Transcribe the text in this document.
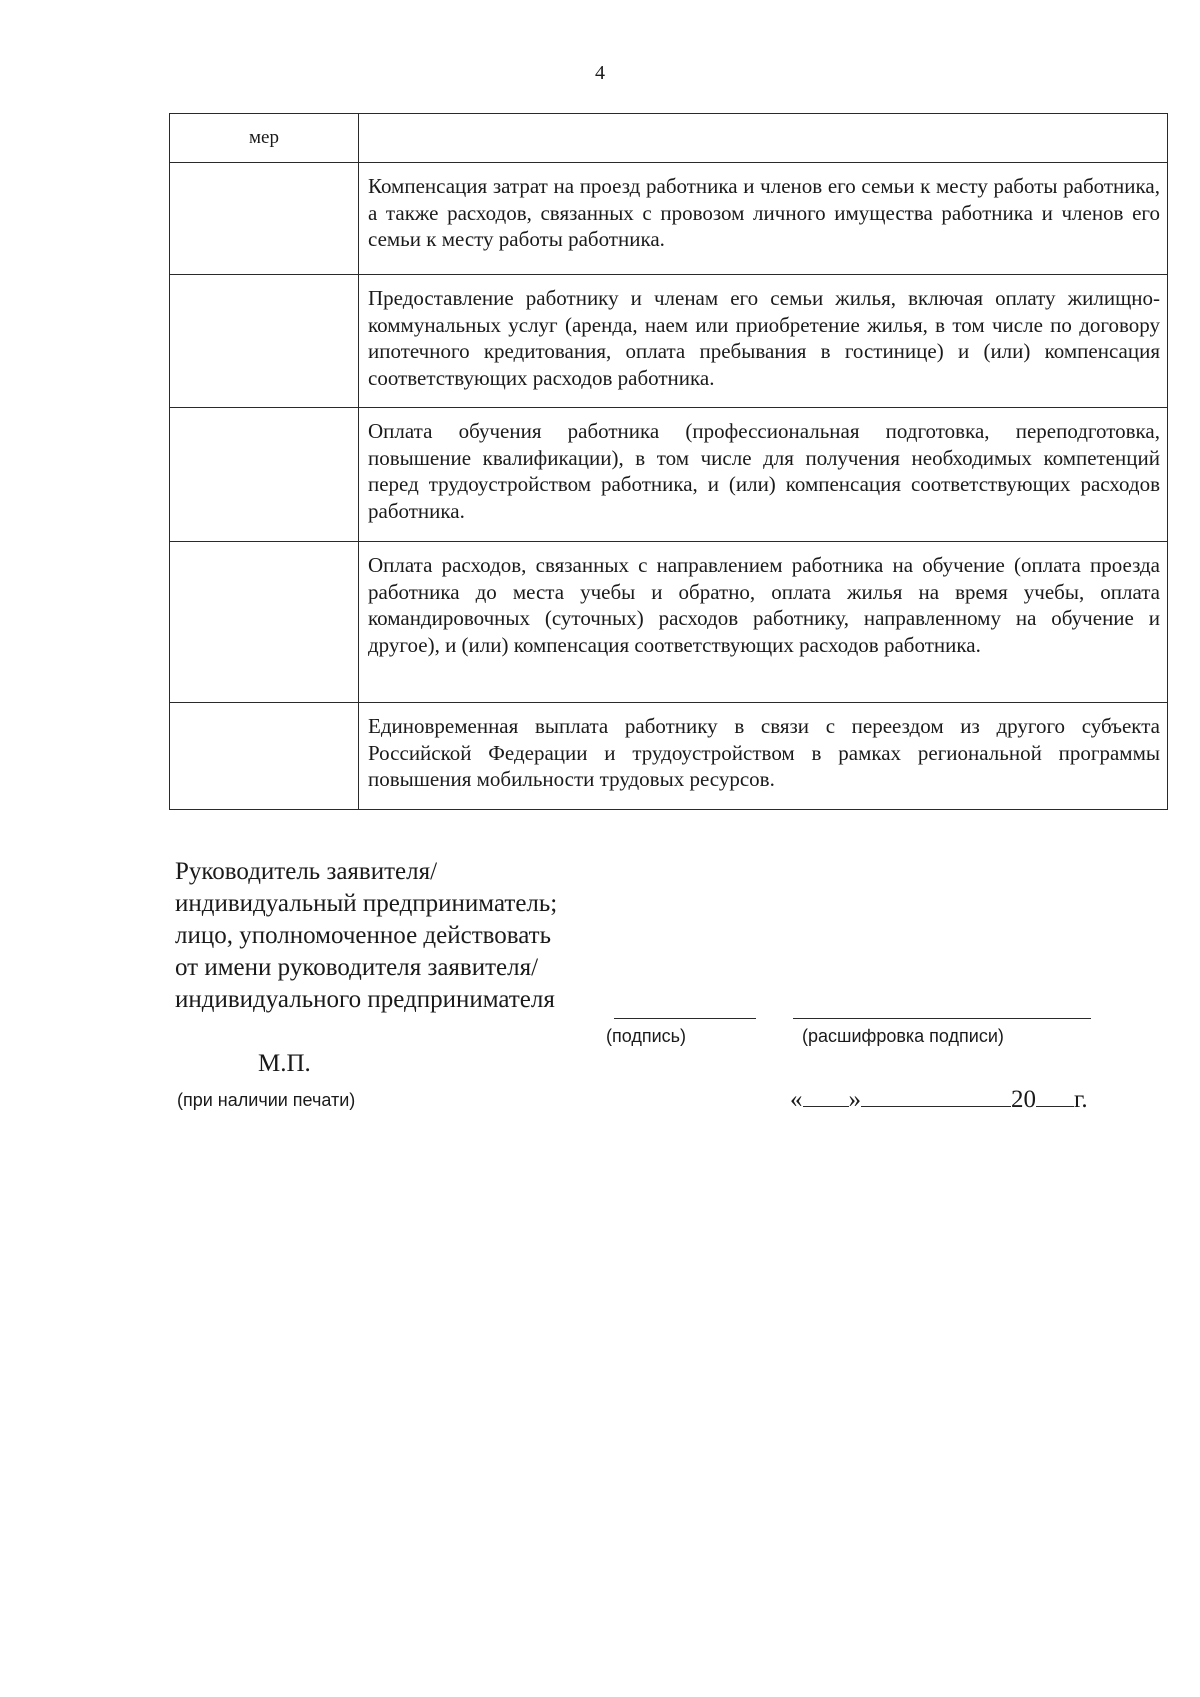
4
мер	

	Компенсация затрат на проезд работника и членов его семьи к месту работы работника, а также расходов, связанных с провозом личного имущества работника и членов его семьи к месту работы работника.

	Предоставление работнику и членам его семьи жилья, включая оплату жилищно-коммунальных услуг (аренда, наем или приобретение жилья, в том числе по договору ипотечного кредитования, оплата пребывания в гостинице) и (или) компенсация соответствующих расходов работника.

	Оплата обучения работника (профессиональная подготовка, переподготовка, повышение квалификации), в том числе для получения необходимых компетенций перед трудоустройством работника, и (или) компенсация соответствующих расходов работника.

	Оплата расходов, связанных с направлением работника на обучение (оплата проезда работника до места учебы и обратно, оплата жилья на время учебы, оплата командировочных (суточных) расходов работнику, направленному на обучение и другое), и (или) компенсация соответствующих расходов работника.

	Единовременная выплата работнику в связи с переездом из другого субъекта Российской Федерации и трудоустройством в рамках региональной программы повышения мобильности трудовых ресурсов.
Руководитель заявителя/
индивидуальный предприниматель;
лицо, уполномоченное действовать
от имени руководителя заявителя/
индивидуального предпринимателя
(подпись)	(расшифровка подписи)
М.П.
(при наличии печати)	« »	20 г.
